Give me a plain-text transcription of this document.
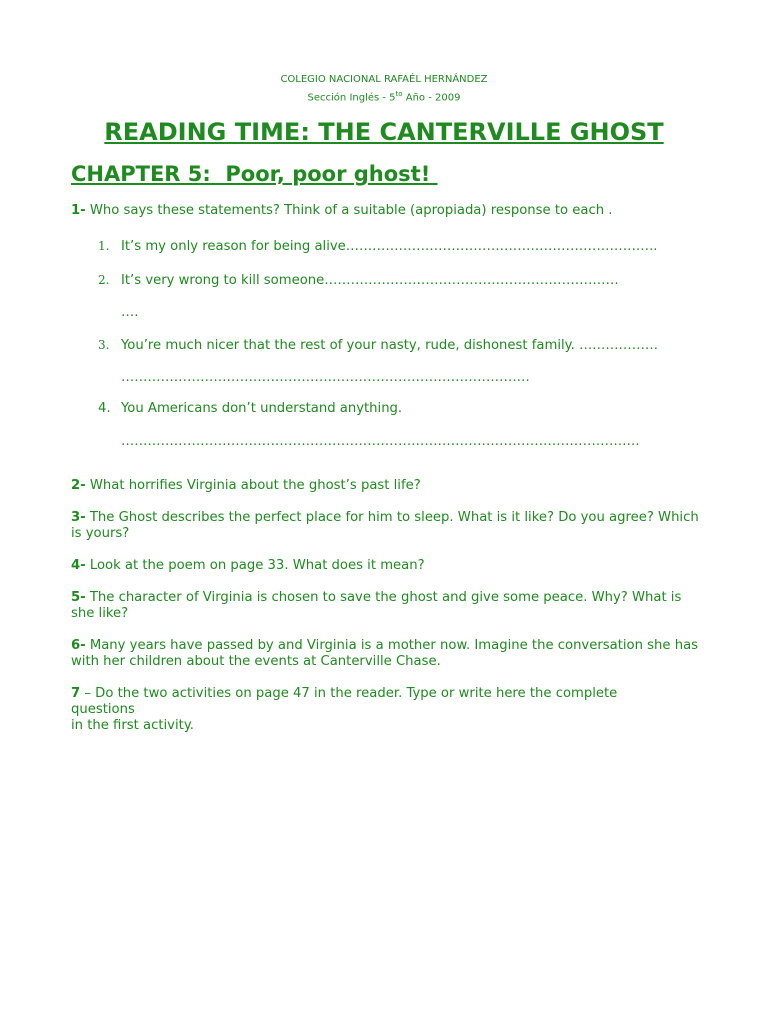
COLEGIO NACIONAL RAFAÉL HERNÁNDEZ
Sección Inglés - $5^{to}$ Año - 2009
READING TIME: THE CANTERVILLE GHOST
CHAPTER 5:  Poor, poor ghost!
1- Who says these statements? Think of a suitable (apropiada) response to each .
1. It’s my only reason for being alive……………………………………………………………..
2. It’s very wrong to kill someone………………………………………………………….
….
3. You’re much nicer that the rest of your nasty, rude, dishonest family. ………………
…………………………………………………………………………………
4. You Americans don’t understand anything.
……………………………………………………………………………………………………….
2- What horrifies Virginia about the ghost’s past life?
3- The Ghost describes the perfect place for him to sleep. What is it like? Do you agree? Which is yours?
4- Look at the poem on page 33. What does it mean?
5- The character of Virginia is chosen to save the ghost and give some peace. Why? What is she like?
6- Many years have passed by and Virginia is a mother now. Imagine the conversation she has with her children about the events at Canterville Chase.
7 – Do the two activities on page 47 in the reader. Type or write here the complete questions
in the first activity.
